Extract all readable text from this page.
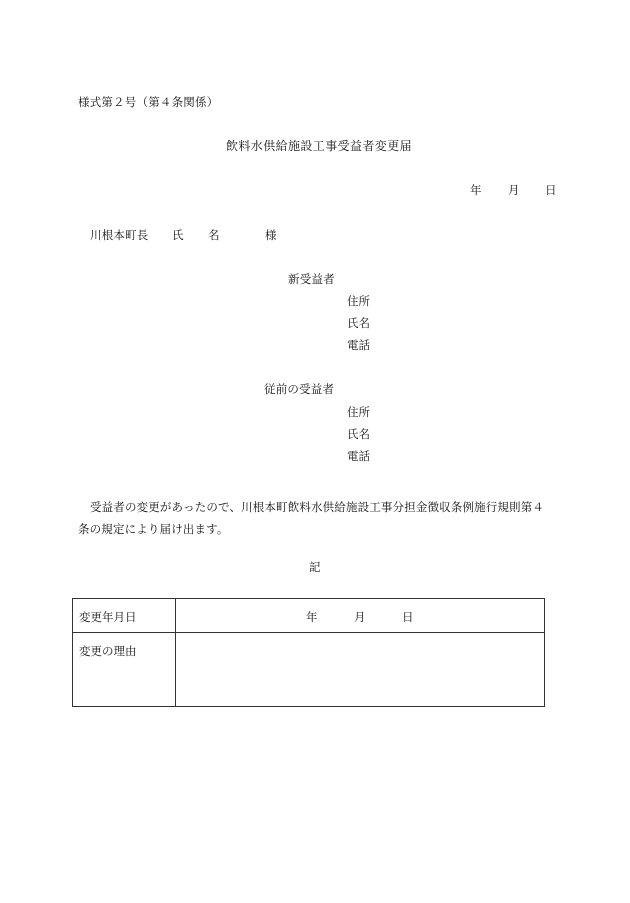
様式第２号（第４条関係）
飲料水供給施設工事受益者変更届
年 月 日
川根本町長 氏 名	様
新受益者
住所
氏名
電話
従前の受益者
住所
氏名
電話
受益者の変更があったので、川根本町飲料水供給施設工事分担金徴収条例施行規則第４条の規定により届け出ます。
記
変更年月日	年 月 日
変更の理由	
